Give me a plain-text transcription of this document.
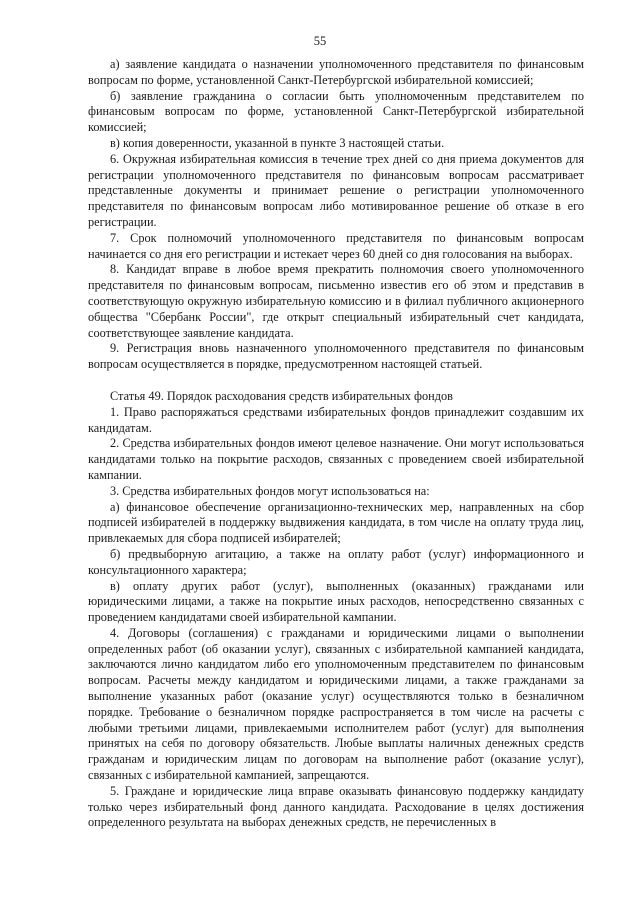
55

а) заявление кандидата о назначении уполномоченного представителя по финансовым вопросам по форме, установленной Санкт-Петербургской избирательной комиссией;

б) заявление гражданина о согласии быть уполномоченным представителем по финансовым вопросам по форме, установленной Санкт-Петербургской избирательной комиссией;

в) копия доверенности, указанной в пункте 3 настоящей статьи.

6. Окружная избирательная комиссия в течение трех дней со дня приема документов для регистрации уполномоченного представителя по финансовым вопросам рассматривает представленные документы и принимает решение о регистрации уполномоченного представителя по финансовым вопросам либо мотивированное решение об отказе в его регистрации.

7. Срок полномочий уполномоченного представителя по финансовым вопросам начинается со дня его регистрации и истекает через 60 дней со дня голосования на выборах.

8. Кандидат вправе в любое время прекратить полномочия своего уполномоченного представителя по финансовым вопросам, письменно известив его об этом и представив в соответствующую окружную избирательную комиссию и в филиал публичного акционерного общества "Сбербанк России", где открыт специальный избирательный счет кандидата, соответствующее заявление кандидата.

9. Регистрация вновь назначенного уполномоченного представителя по финансовым вопросам осуществляется в порядке, предусмотренном настоящей статьей.

Статья 49. Порядок расходования средств избирательных фондов

1. Право распоряжаться средствами избирательных фондов принадлежит создавшим их кандидатам.

2. Средства избирательных фондов имеют целевое назначение. Они могут использоваться кандидатами только на покрытие расходов, связанных с проведением своей избирательной кампании.

3. Средства избирательных фондов могут использоваться на:

а) финансовое обеспечение организационно-технических мер, направленных на сбор подписей избирателей в поддержку выдвижения кандидата, в том числе на оплату труда лиц, привлекаемых для сбора подписей избирателей;

б) предвыборную агитацию, а также на оплату работ (услуг) информационного и консультационного характера;

в) оплату других работ (услуг), выполненных (оказанных) гражданами или юридическими лицами, а также на покрытие иных расходов, непосредственно связанных с проведением кандидатами своей избирательной кампании.

4. Договоры (соглашения) с гражданами и юридическими лицами о выполнении определенных работ (об оказании услуг), связанных с избирательной кампанией кандидата, заключаются лично кандидатом либо его уполномоченным представителем по финансовым вопросам. Расчеты между кандидатом и юридическими лицами, а также гражданами за выполнение указанных работ (оказание услуг) осуществляются только в безналичном порядке. Требование о безналичном порядке распространяется в том числе на расчеты с любыми третьими лицами, привлекаемыми исполнителем работ (услуг) для выполнения принятых на себя по договору обязательств. Любые выплаты наличных денежных средств гражданам и юридическим лицам по договорам на выполнение работ (оказание услуг), связанных с избирательной кампанией, запрещаются.

5. Граждане и юридические лица вправе оказывать финансовую поддержку кандидату только через избирательный фонд данного кандидата. Расходование в целях достижения определенного результата на выборах денежных средств, не перечисленных в
